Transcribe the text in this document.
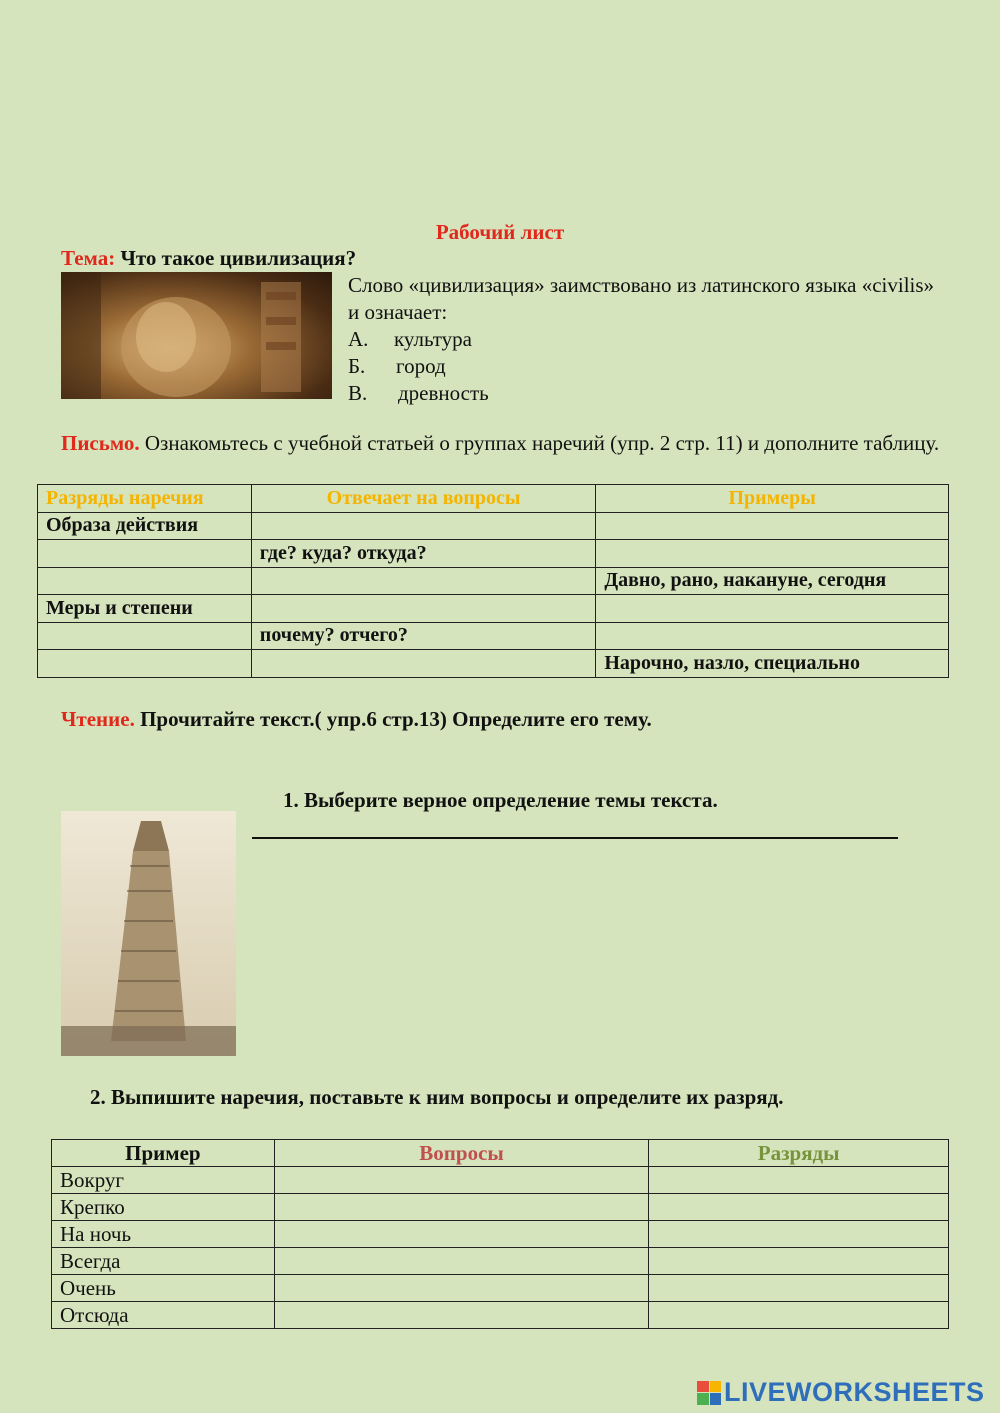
Рабочий лист
Тема: Что такое цивилизация?
Слово «цивилизация» заимствовано из латинского языка «civilis» и означает:
А.	культура
Б.	город
В.	древность
Письмо. Ознакомьтесь с учебной статьей о группах наречий (упр. 2 стр. 11) и дополните таблицу.
Разряды наречия	Отвечает на вопросы	Примеры
Образа действия		
	где? куда? откуда?	
		Давно, рано, накануне, сегодня
Меры и степени		
	почему? отчего?	
		Нарочно, назло, специально
Чтение. Прочитайте текст.( упр.6 стр.13) Определите его тему.
1. Выберите верное определение темы текста.
2. Выпишите наречия, поставьте к ним вопросы и определите их разряд.
Пример	Вопросы	Разряды
Вокруг		
Крепко		
На ночь		
Всегда		
Очень		
Отсюда		
LIVEWORKSHEETS
